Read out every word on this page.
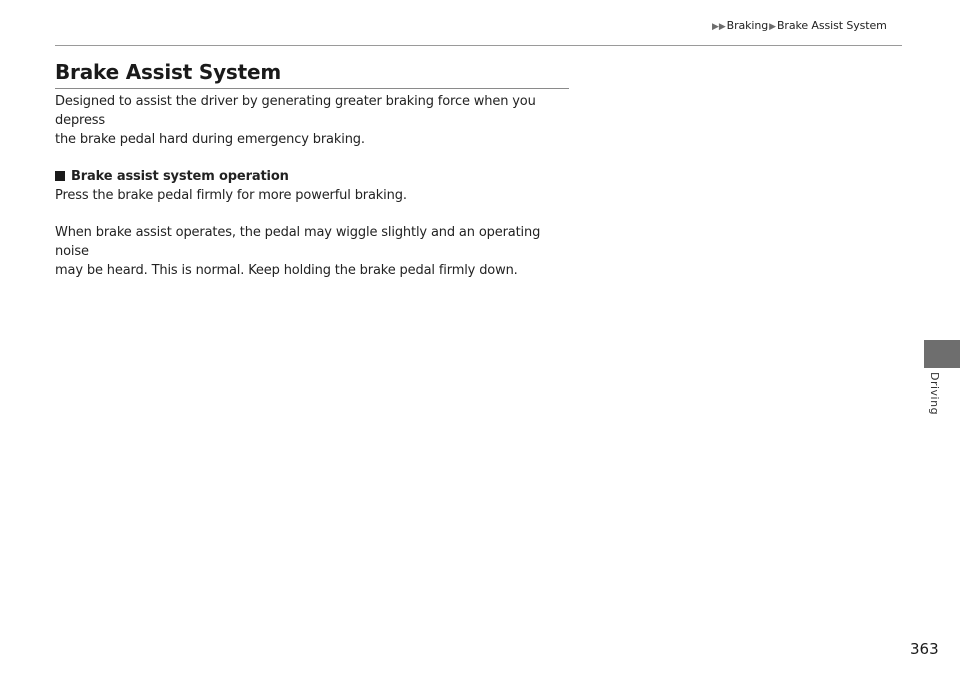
▶▶Braking▶Brake Assist System
Brake Assist System

Designed to assist the driver by generating greater braking force when you depress
the brake pedal hard during emergency braking.

Brake assist system operation

Press the brake pedal firmly for more powerful braking.

When brake assist operates, the pedal may wiggle slightly and an operating noise
may be heard. This is normal. Keep holding the brake pedal firmly down.

Driving
363
